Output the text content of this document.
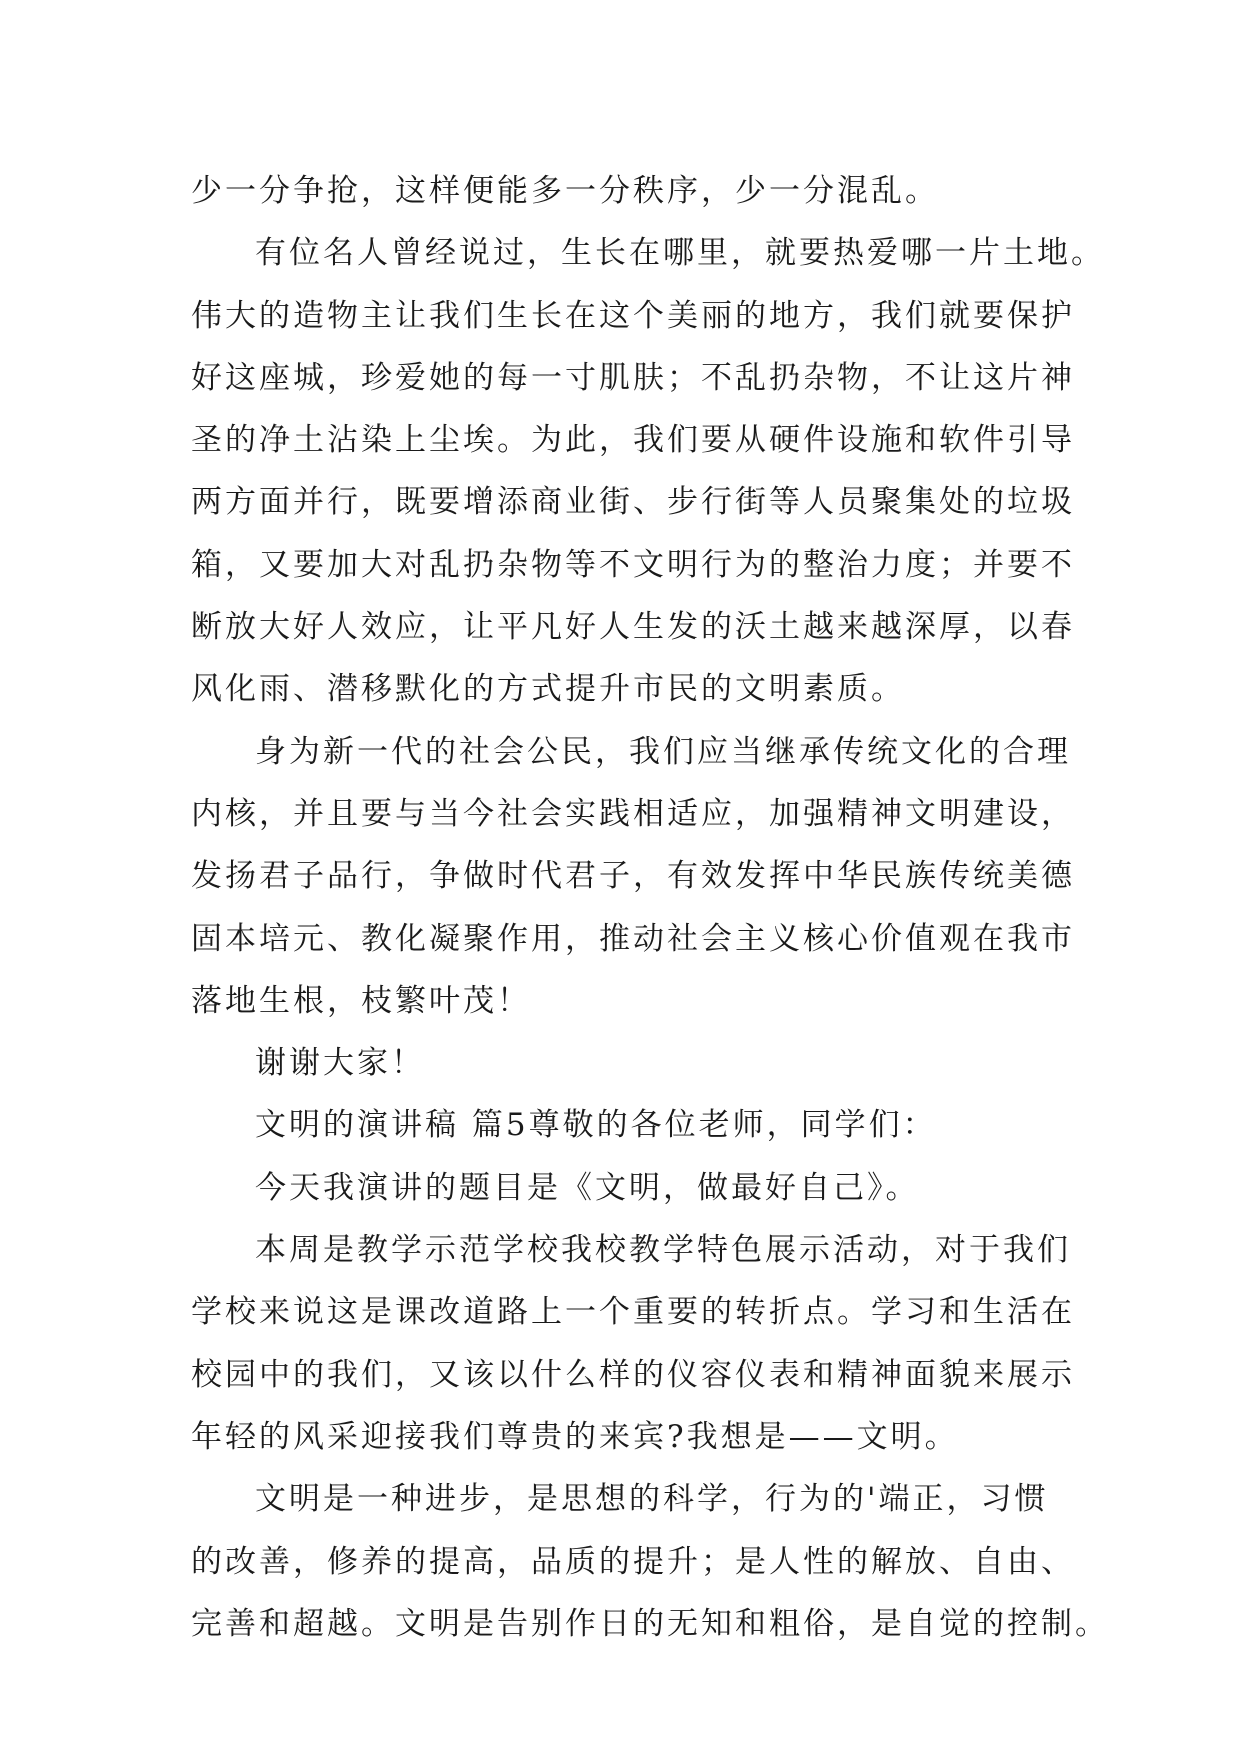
少一分争抢，这样便能多一分秩序，少一分混乱。
有位名人曾经说过，生长在哪里，就要热爱哪一片土地。
伟大的造物主让我们生长在这个美丽的地方，我们就要保护
好这座城，珍爱她的每一寸肌肤；不乱扔杂物，不让这片神
圣的净土沾染上尘埃。为此，我们要从硬件设施和软件引导
两方面并行，既要增添商业街、步行街等人员聚集处的垃圾
箱，又要加大对乱扔杂物等不文明行为的整治力度；并要不
断放大好人效应，让平凡好人生发的沃土越来越深厚，以春
风化雨、潜移默化的方式提升市民的文明素质。
身为新一代的社会公民，我们应当继承传统文化的合理
内核，并且要与当今社会实践相适应，加强精神文明建设，
发扬君子品行，争做时代君子，有效发挥中华民族传统美德
固本培元、教化凝聚作用，推动社会主义核心价值观在我市
落地生根，枝繁叶茂！
谢谢大家！
文明的演讲稿 篇5尊敬的各位老师，同学们：
今天我演讲的题目是《文明，做最好自己》。
本周是教学示范学校我校教学特色展示活动，对于我们
学校来说这是课改道路上一个重要的转折点。学习和生活在
校园中的我们，又该以什么样的仪容仪表和精神面貌来展示
年轻的风采迎接我们尊贵的来宾?我想是——文明。
文明是一种进步，是思想的科学，行为的'端正，习惯
的改善，修养的提高，品质的提升；是人性的解放、自由、
完善和超越。文明是告别作日的无知和粗俗，是自觉的控制。
